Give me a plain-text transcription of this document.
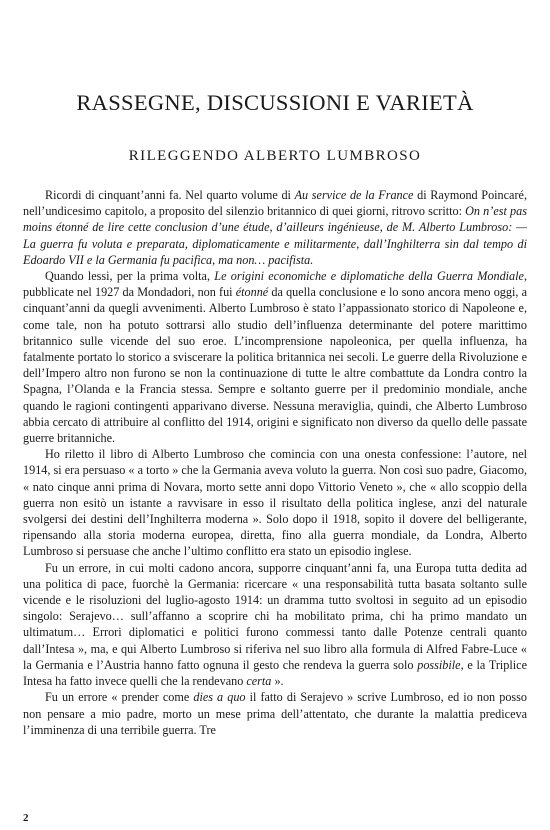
RASSEGNE, DISCUSSIONI E VARIETÀ
RILEGGENDO ALBERTO LUMBROSO

Ricordi di cinquant’anni fa. Nel quarto volume di Au service de la France di Raymond Poincaré, nell’undicesimo capitolo, a proposito del silenzio britannico di quei giorni, ritrovo scritto: On n’est pas moins étonné de lire cette conclusion d’une étude, d’ailleurs ingénieuse, de M. Alberto Lumbroso: — La guerra fu voluta e preparata, diplomaticamente e militarmente, dall’Inghilterra sin dal tempo di Edoardo VII e la Germania fu pacifica, ma non… pacifista.

Quando lessi, per la prima volta, Le origini economiche e diplomatiche della Guerra Mondiale, pubblicate nel 1927 da Mondadori, non fui étonné da quella conclusione e lo sono ancora meno oggi, a cinquant’anni da quegli avvenimenti. Alberto Lumbroso è stato l’appassionato storico di Napoleone e, come tale, non ha potuto sottrarsi allo studio dell’influenza determinante del potere marittimo britannico sulle vicende del suo eroe. L’incomprensione napoleonica, per quella influenza, ha fatalmente portato lo storico a sviscerare la politica britannica nei secoli. Le guerre della Rivoluzione e dell’Impero altro non furono se non la continuazione di tutte le altre combattute da Londra contro la Spagna, l’Olanda e la Francia stessa. Sempre e soltanto guerre per il predominio mondiale, anche quando le ragioni contingenti apparivano diverse. Nessuna meraviglia, quindi, che Alberto Lumbroso abbia cercato di attribuire al conflitto del 1914, origini e significato non diverso da quello delle passate guerre britanniche.

Ho riletto il libro di Alberto Lumbroso che comincia con una onesta confessione: l’autore, nel 1914, si era persuaso « a torto » che la Germania aveva voluto la guerra. Non così suo padre, Giacomo, « nato cinque anni prima di Novara, morto sette anni dopo Vittorio Veneto », che « allo scoppio della guerra non esitò un istante a ravvisare in esso il risultato della politica inglese, anzi del naturale svolgersi dei destini dell’Inghilterra moderna ». Solo dopo il 1918, sopito il dovere del belligerante, ripensando alla storia moderna europea, diretta, fino alla guerra mondiale, da Londra, Alberto Lumbroso si persuase che anche l’ultimo conflitto era stato un episodio inglese.

Fu un errore, in cui molti cadono ancora, supporre cinquant’anni fa, una Europa tutta dedita ad una politica di pace, fuorchè la Germania: ricercare « una responsabilità tutta basata soltanto sulle vicende e le risoluzioni del luglio-agosto 1914: un dramma tutto svoltosi in seguito ad un episodio singolo: Serajevo… sull’affanno a scoprire chi ha mobilitato prima, chi ha primo mandato un ultimatum… Errori diplomatici e politici furono commessi tanto dalle Potenze centrali quanto dall’Intesa », ma, e qui Alberto Lumbroso si riferiva nel suo libro alla formula di Alfred Fabre-Luce « la Germania e l’Austria hanno fatto ognuna il gesto che rendeva la guerra solo possibile, e la Triplice Intesa ha fatto invece quelli che la rendevano certa ».

Fu un errore « prender come dies a quo il fatto di Serajevo » scrive Lumbroso, ed io non posso non pensare a mio padre, morto un mese prima dell’attentato, che durante la malattia prediceva l’imminenza di una terribile guerra. Tre

2
